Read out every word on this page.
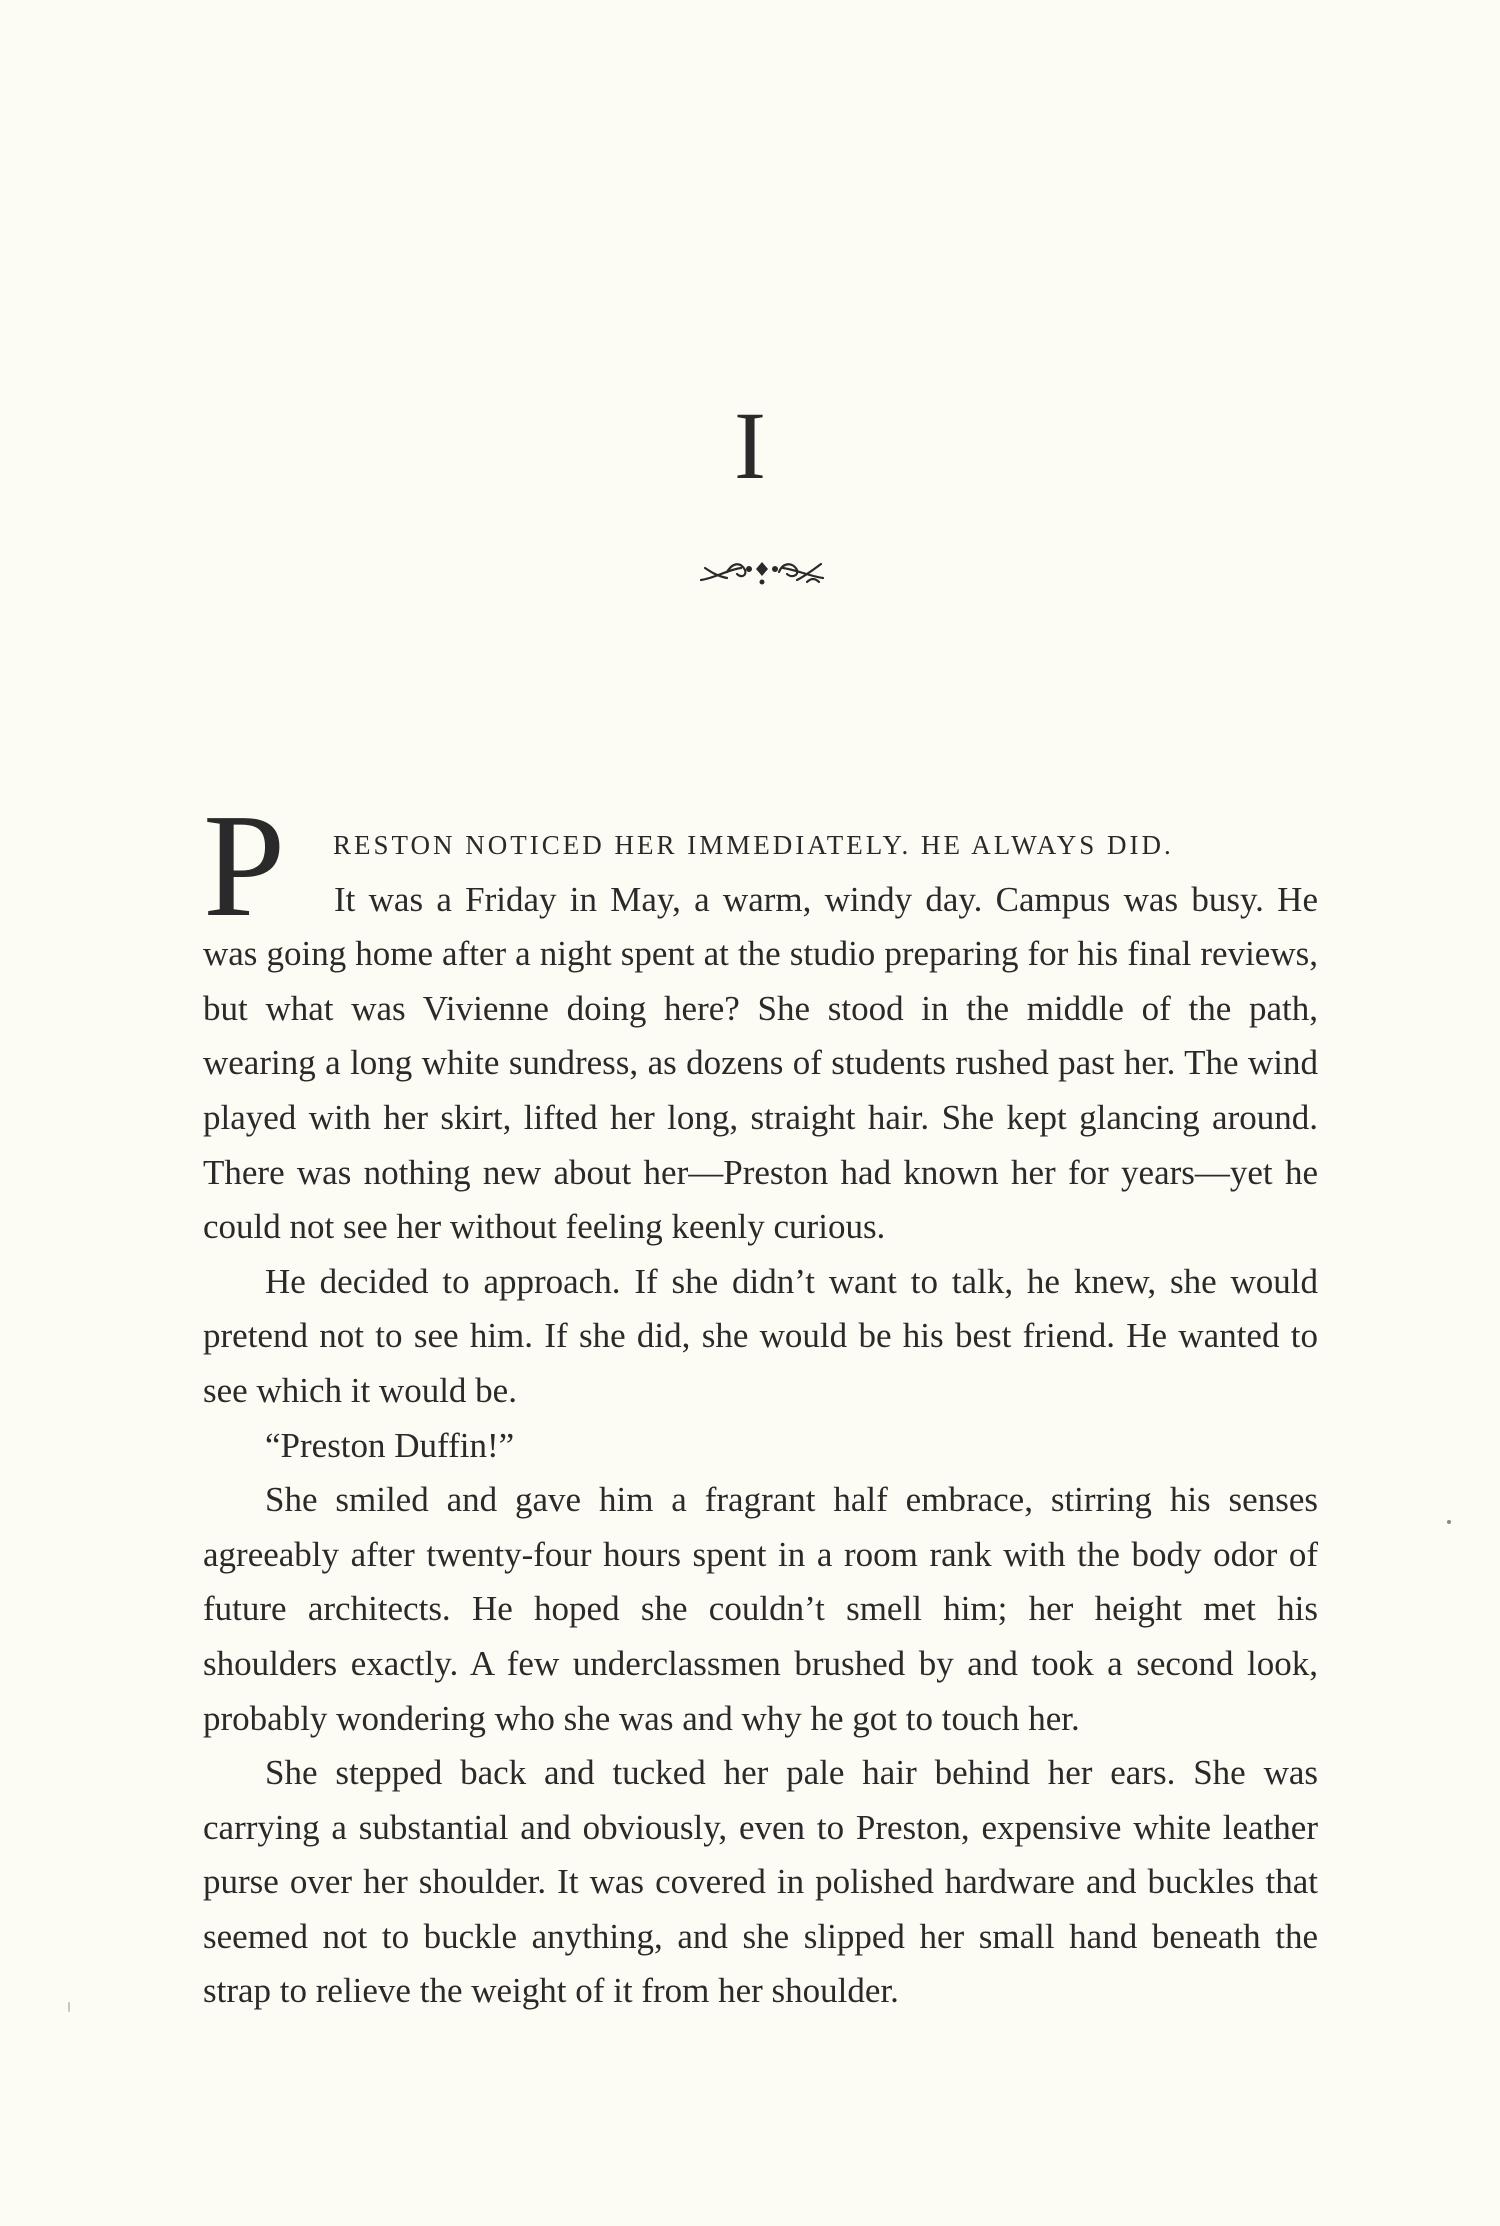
I
P RESTON NOTICED HER IMMEDIATELY. HE ALWAYS DID.

It was a Friday in May, a warm, windy day. Campus was busy. He was going home after a night spent at the studio preparing for his final reviews, but what was Vivienne doing here? She stood in the middle of the path, wearing a long white sundress, as dozens of students rushed past her. The wind played with her skirt, lifted her long, straight hair. She kept glancing around. There was nothing new about her—Preston had known her for years—yet he could not see her without feeling keenly curious.

He decided to approach. If she didn’t want to talk, he knew, she would pretend not to see him. If she did, she would be his best friend. He wanted to see which it would be.

“Preston Duffin!”

She smiled and gave him a fragrant half embrace, stirring his senses agreeably after twenty-four hours spent in a room rank with the body odor of future architects. He hoped she couldn’t smell him; her height met his shoulders exactly. A few underclassmen brushed by and took a second look, probably wondering who she was and why he got to touch her.

She stepped back and tucked her pale hair behind her ears. She was carrying a substantial and obviously, even to Preston, expensive white leather purse over her shoulder. It was covered in polished hardware and buckles that seemed not to buckle anything, and she slipped her small hand beneath the strap to relieve the weight of it from her shoulder.
